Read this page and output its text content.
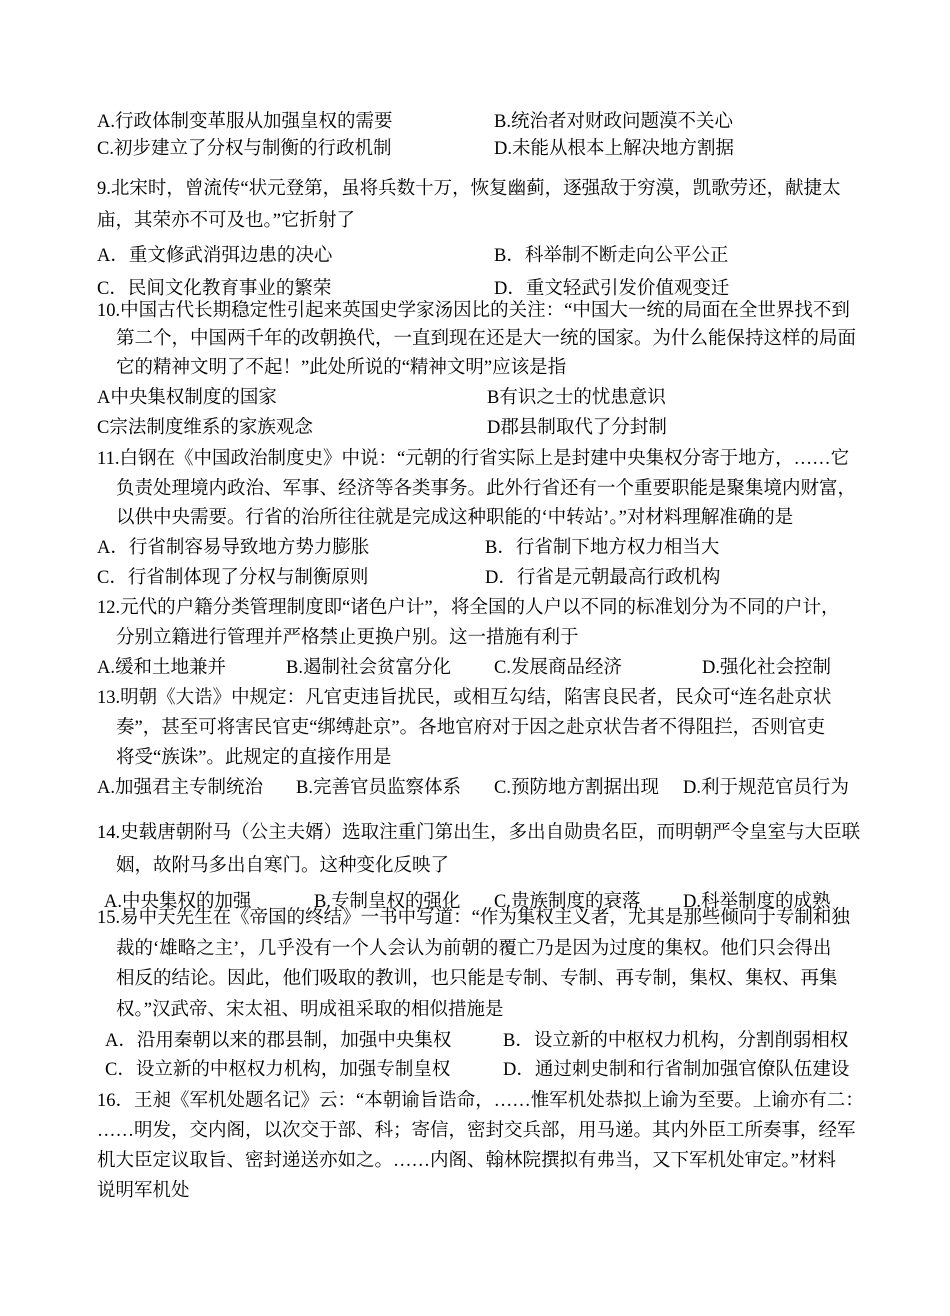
A.行政体制变革服从加强皇权的需要	B.统治者对财政问题漠不关心
C.初步建立了分权与制衡的行政机制	D.未能从根本上解决地方割据
9.北宋时，曾流传“状元登第，虽将兵数十万，恢复幽蓟，逐强敌于穷漠，凯歌劳还，献捷太
庙，其荣亦不可及也。”它折射了
A．重文修武消弭边患的决心	B．科举制不断走向公平公正
C．民间文化教育事业的繁荣	D．重文轻武引发价值观变迁
10.中国古代长期稳定性引起来英国史学家汤因比的关注：“中国大一统的局面在全世界找不到
第二个，中国两千年的改朝换代，一直到现在还是大一统的国家。为什么能保持这样的局面
它的精神文明了不起！”此处所说的“精神文明”应该是指
A中央集权制度的国家	B有识之士的忧患意识
C宗法制度维系的家族观念	D郡县制取代了分封制
11.白钢在《中国政治制度史》中说：“元朝的行省实际上是封建中央集权分寄于地方，……它
负责处理境内政治、军事、经济等各类事务。此外行省还有一个重要职能是聚集境内财富，
以供中央需要。行省的治所往往就是完成这种职能的‘中转站’。”对材料理解准确的是
A．行省制容易导致地方势力膨胀	B．行省制下地方权力相当大
C．行省制体现了分权与制衡原则	D．行省是元朝最高行政机构
12.元代的户籍分类管理制度即“诸色户计”，将全国的人户以不同的标准划分为不同的户计，
分别立籍进行管理并严格禁止更换户别。这一措施有利于
A.缓和土地兼并	B.遏制社会贫富分化 C.发展商品经济	D.强化社会控制
13.明朝《大诰》中规定：凡官吏违旨扰民，或相互勾结，陷害良民者，民众可“连名赴京状
奏”，甚至可将害民官吏“绑缚赴京”。各地官府对于因之赴京状告者不得阻拦，否则官吏
将受“族诛”。此规定的直接作用是
A.加强君主专制统治 B.完善官员监察体系 C.预防地方割据出现 D.利于规范官员行为
14.史载唐朝附马（公主夫婿）选取注重门第出生，多出自勋贵名臣，而明朝严令皇室与大臣联
姻，故附马多出自寒门。这种变化反映了
A.中央集权的加强	B.专制皇权的强化 C.贵族制度的衰落 D.科举制度的成熟
15.易中天先生在《帝国的终结》一书中写道：“作为集权主义者，尤其是那些倾向于专制和独
裁的‘雄略之主’，几乎没有一个人会认为前朝的覆亡乃是因为过度的集权。他们只会得出
相反的结论。因此，他们吸取的教训，也只能是专制、专制、再专制，集权、集权、再集
权。”汉武帝、宋太祖、明成祖采取的相似措施是
A．沿用秦朝以来的郡县制，加强中央集权	B．设立新的中枢权力机构，分割削弱相权
C．设立新的中枢权力机构，加强专制皇权	D．通过刺史制和行省制加强官僚队伍建设
16．王昶《军机处题名记》云：“本朝谕旨诰命，……惟军机处恭拟上谕为至要。上谕亦有二：
……明发，交内阁，以次交于部、科；寄信，密封交兵部，用马递。其内外臣工所奏事，经军
机大臣定议取旨、密封递送亦如之。……内阁、翰林院撰拟有弗当，又下军机处审定。”材料
说明军机处
